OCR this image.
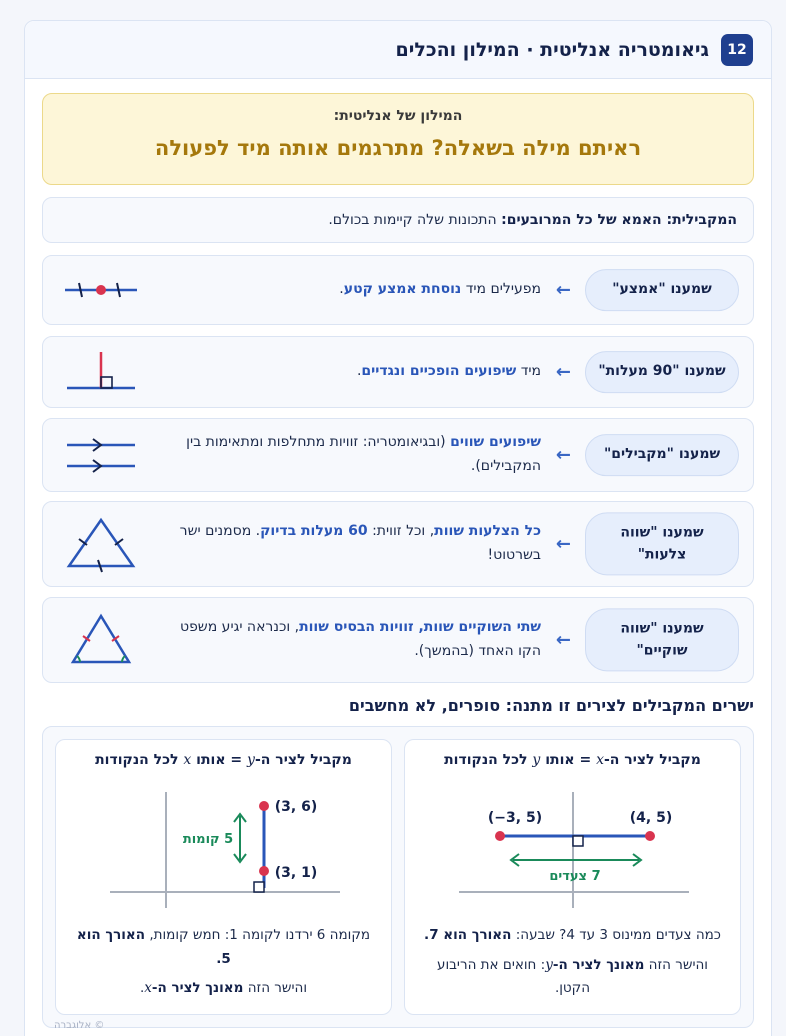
12
גיאומטריה אנליטית · המילון והכלים
המילון של אנליטית:
ראיתם מילה בשאלה? מתרגמים אותה מיד לפעולה
המקבילית: האמא של כל המרובעים: התכונות שלה קיימות בכולם.
שמענו "אמצע"
←
מפעילים מיד נוסחת אמצע קטע.
שמענו "90 מעלות"
←
מיד שיפועים הופכיים ונגדיים.
שמענו "מקבילים"
←
שיפועים שווים (ובגיאומטריה: זוויות מתחלפות ומתאימות בין המקבילים).
שמענו "שווה צלעות"
←
כל הצלעות שוות, וכל זווית: 60 מעלות בדיוק. מסמנים ישר בשרטוט!
שמענו "שווה שוקיים"
←
שתי השוקיים שוות, זוויות הבסיס שוות, וכנראה יגיע משפט הקו האחד (בהמשך).
ישרים המקבילים לצירים זו מתנה: סופרים, לא מחשבים
מקביל לציר ה-x = אותו y לכל הנקודות
(−3, 5)	(4, 5)
7 צעדים

כמה צעדים ממינוס 3 עד 4? שבעה: האורך הוא 7.

והישר הזה מאונך לציר ה-y: חואים את הריבוע הקטן.

מקביל לציר ה-y = אותו x לכל הנקודות
(3, 6)
(3, 1)
5 קומות

מקומה 6 ירדנו לקומה 1: חמש קומות, האורך הוא 5.

והישר הזה מאונך לציר ה-x.

© אלוגברה
